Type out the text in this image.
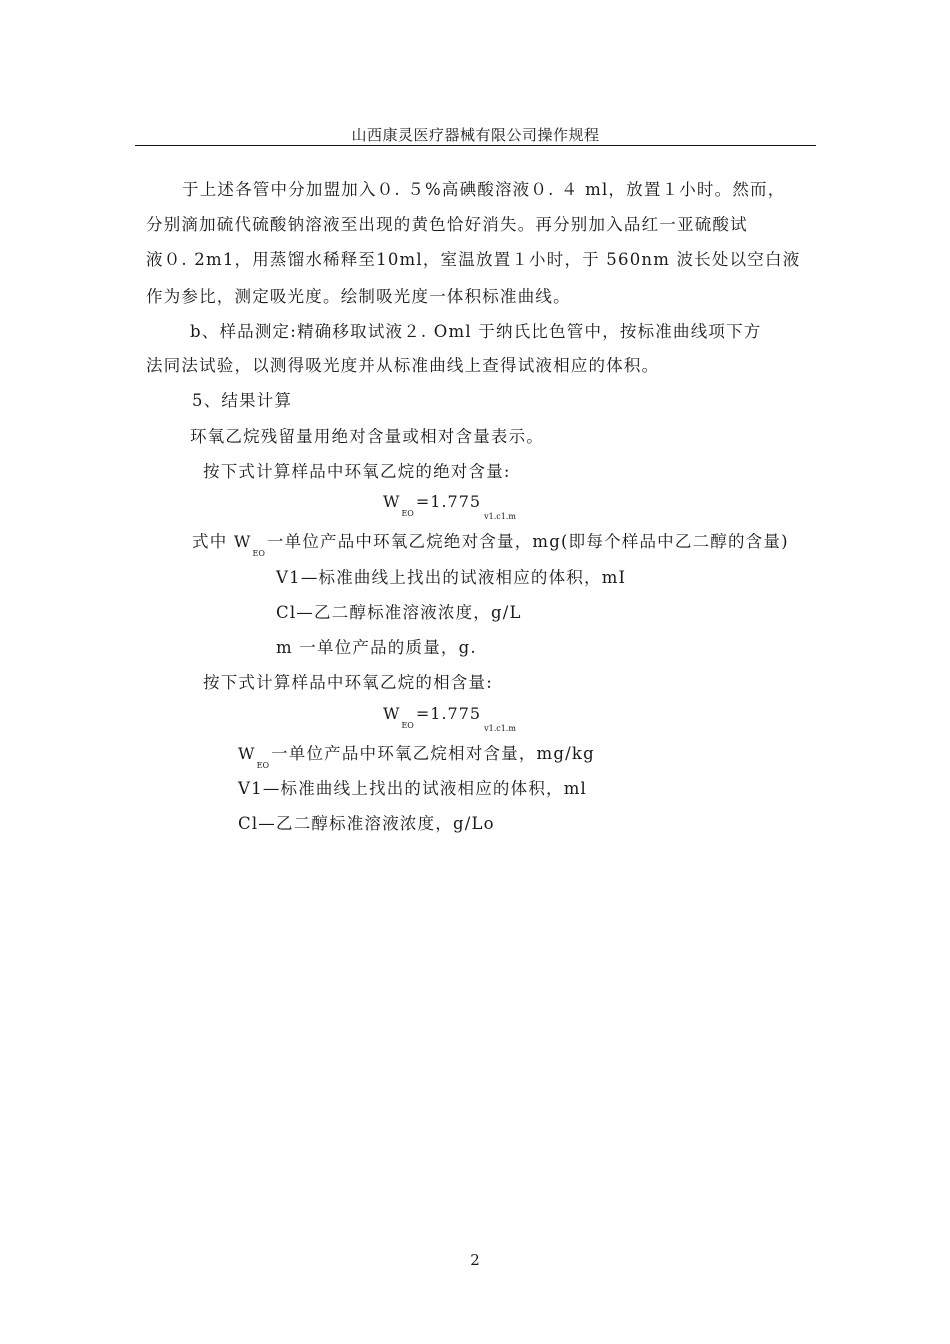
山西康灵医疗器械有限公司操作规程
于上述各管中分加盟加入０. ５%高碘酸溶液０. ４ ml，放置１小时。然而，
分别滴加硫代硫酸钠溶液至出现的黄色恰好消失。再分别加入品红一亚硫酸试
液０. 2m1，用蒸馏水稀释至10ml，室温放置１小时，于 560nm 波长处以空白液
作为参比，测定吸光度。绘制吸光度一体积标准曲线。
b、样品测定:精确移取试液２. Oml 于纳氏比色管中，按标准曲线项下方
法同法试验，以测得吸光度并从标准曲线上查得试液相应的体积。
5、结果计算
环氧乙烷残留量用绝对含量或相对含量表示。
按下式计算样品中环氧乙烷的绝对含量:
$W_{EO}=1.775_{v1.c1.m}$
式中 $W_{EO}$一单位产品中环氧乙烷绝对含量，mg(即每个样品中乙二醇的含量)
V1—标准曲线上找出的试液相应的体积，mI
Cl—乙二醇标准溶液浓度，g/L
m 一单位产品的质量，g.
按下式计算样品中环氧乙烷的相含量:
$W_{EO}=1.775_{v1.c1.m}$
$W_{EO}$一单位产品中环氧乙烷相对含量，mg/kg
V1—标准曲线上找出的试液相应的体积，ml
Cl—乙二醇标准溶液浓度，g/Lo
2
